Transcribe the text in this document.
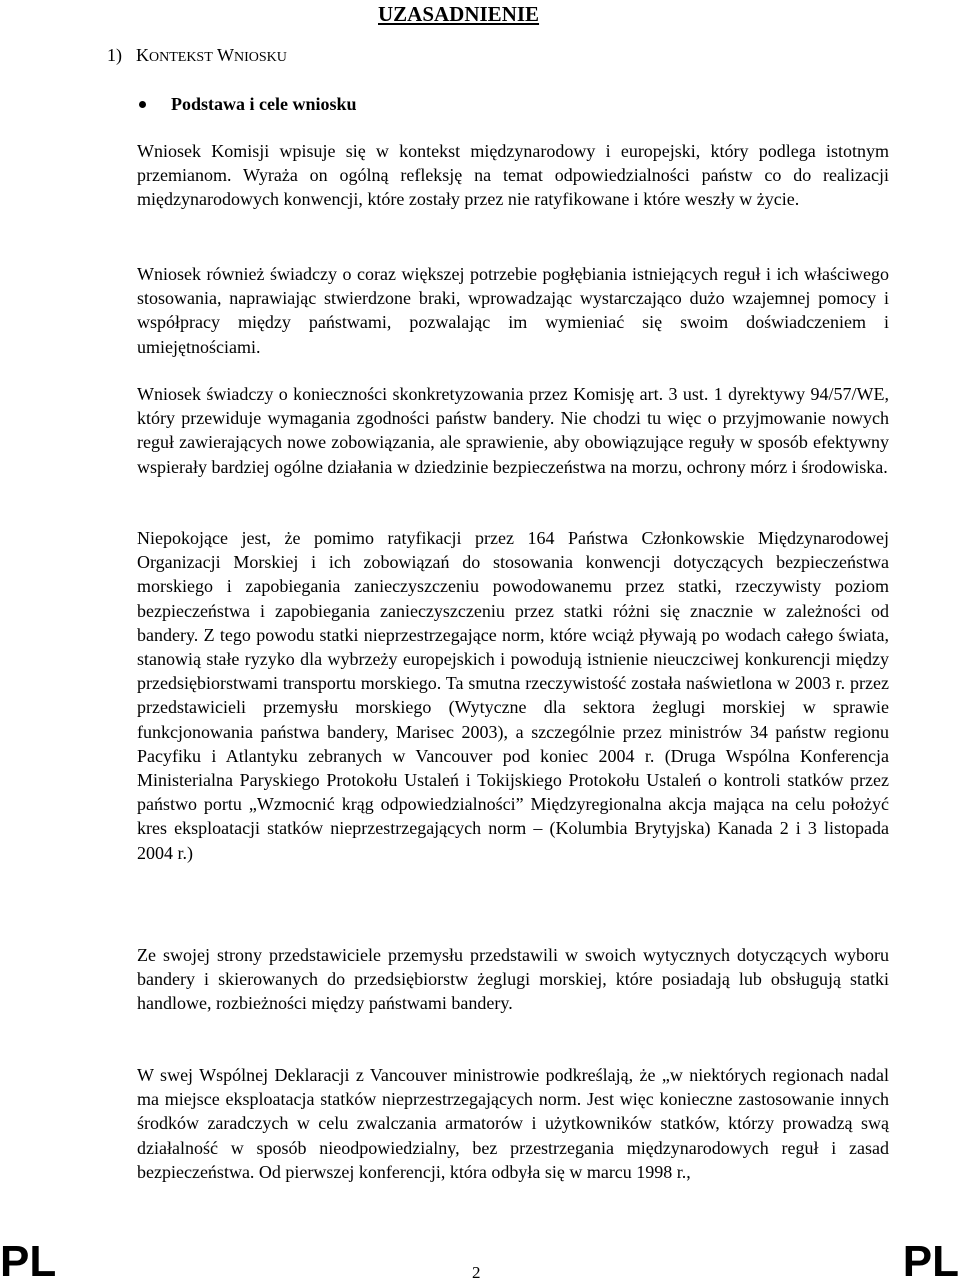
UZASADNIENIE

1) KONTEKST WNIOSKU

Podstawa i cele wniosku

Wniosek Komisji wpisuje się w kontekst międzynarodowy i europejski, który podlega istotnym przemianom. Wyraża on ogólną refleksję na temat odpowiedzialności państw co do realizacji międzynarodowych konwencji, które zostały przez nie ratyfikowane i które weszły w życie.

Wniosek również świadczy o coraz większej potrzebie pogłębiania istniejących reguł i ich właściwego stosowania, naprawiając stwierdzone braki, wprowadzając wystarczająco dużo wzajemnej pomocy i współpracy między państwami, pozwalając im wymieniać się swoim doświadczeniem i umiejętnościami.

Wniosek świadczy o konieczności skonkretyzowania przez Komisję art. 3 ust. 1 dyrektywy 94/57/WE, który przewiduje wymagania zgodności państw bandery. Nie chodzi tu więc o przyjmowanie nowych reguł zawierających nowe zobowiązania, ale sprawienie, aby obowiązujące reguły w sposób efektywny wspierały bardziej ogólne działania w dziedzinie bezpieczeństwa na morzu, ochrony mórz i środowiska.

Niepokojące jest, że pomimo ratyfikacji przez 164 Państwa Członkowskie Międzynarodowej Organizacji Morskiej i ich zobowiązań do stosowania konwencji dotyczących bezpieczeństwa morskiego i zapobiegania zanieczyszczeniu powodowanemu przez statki, rzeczywisty poziom bezpieczeństwa i zapobiegania zanieczyszczeniu przez statki różni się znacznie w zależności od bandery. Z tego powodu statki nieprzestrzegające norm, które wciąż pływają po wodach całego świata, stanowią stałe ryzyko dla wybrzeży europejskich i powodują istnienie nieuczciwej konkurencji między przedsiębiorstwami transportu morskiego. Ta smutna rzeczywistość została naświetlona w 2003 r. przez przedstawicieli przemysłu morskiego (Wytyczne dla sektora żeglugi morskiej w sprawie funkcjonowania państwa bandery, Marisec 2003), a szczególnie przez ministrów 34 państw regionu Pacyfiku i Atlantyku zebranych w Vancouver pod koniec 2004 r. (Druga Wspólna Konferencja Ministerialna Paryskiego Protokołu Ustaleń i Tokijskiego Protokołu Ustaleń o kontroli statków przez państwo portu „Wzmocnić krąg odpowiedzialności” Międzyregionalna akcja mająca na celu położyć kres eksploatacji statków nieprzestrzegających norm – (Kolumbia Brytyjska) Kanada 2 i 3 listopada 2004 r.)

Ze swojej strony przedstawiciele przemysłu przedstawili w swoich wytycznych dotyczących wyboru bandery i skierowanych do przedsiębiorstw żeglugi morskiej, które posiadają lub obsługują statki handlowe, rozbieżności między państwami bandery.

W swej Wspólnej Deklaracji z Vancouver ministrowie podkreślają, że „w niektórych regionach nadal ma miejsce eksploatacja statków nieprzestrzegających norm. Jest więc konieczne zastosowanie innych środków zaradczych w celu zwalczania armatorów i użytkowników statków, którzy prowadzą swą działalność w sposób nieodpowiedzialny, bez przestrzegania międzynarodowych reguł i zasad bezpieczeństwa. Od pierwszej konferencji, która odbyła się w marcu 1998 r.,

PL	2	PL
